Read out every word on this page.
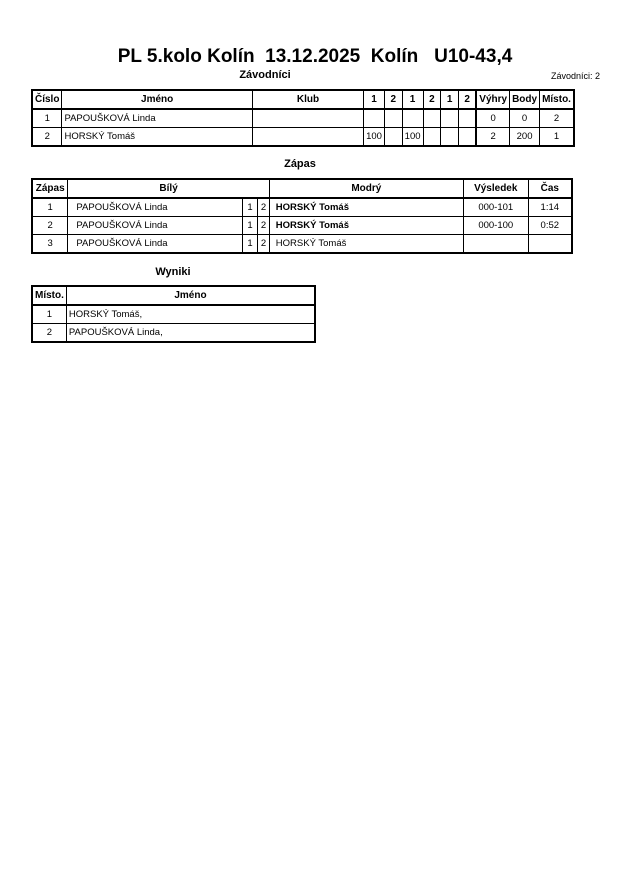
PL 5.kolo Kolín  13.12.2025  Kolín   U10-43,4
Závodníci	Závodníci: 2
Číslo	Jméno	Klub	1	2	1	2	1	2	Výhry	Body	Místo.
1	PAPOUŠKOVÁ Linda								0	0	2
2	HORSKÝ Tomáš		100		100				2	200	1
Zápas
Zápas	Bílý			Modrý	Výsledek	Čas
1	PAPOUŠKOVÁ Linda	1	2	HORSKÝ Tomáš	000-101	1:14
2	PAPOUŠKOVÁ Linda	1	2	HORSKÝ Tomáš	000-100	0:52
3	PAPOUŠKOVÁ Linda	1	2	HORSKÝ Tomáš		
Wyniki
Místo.	Jméno
1	HORSKÝ Tomáš,
2	PAPOUŠKOVÁ Linda,
